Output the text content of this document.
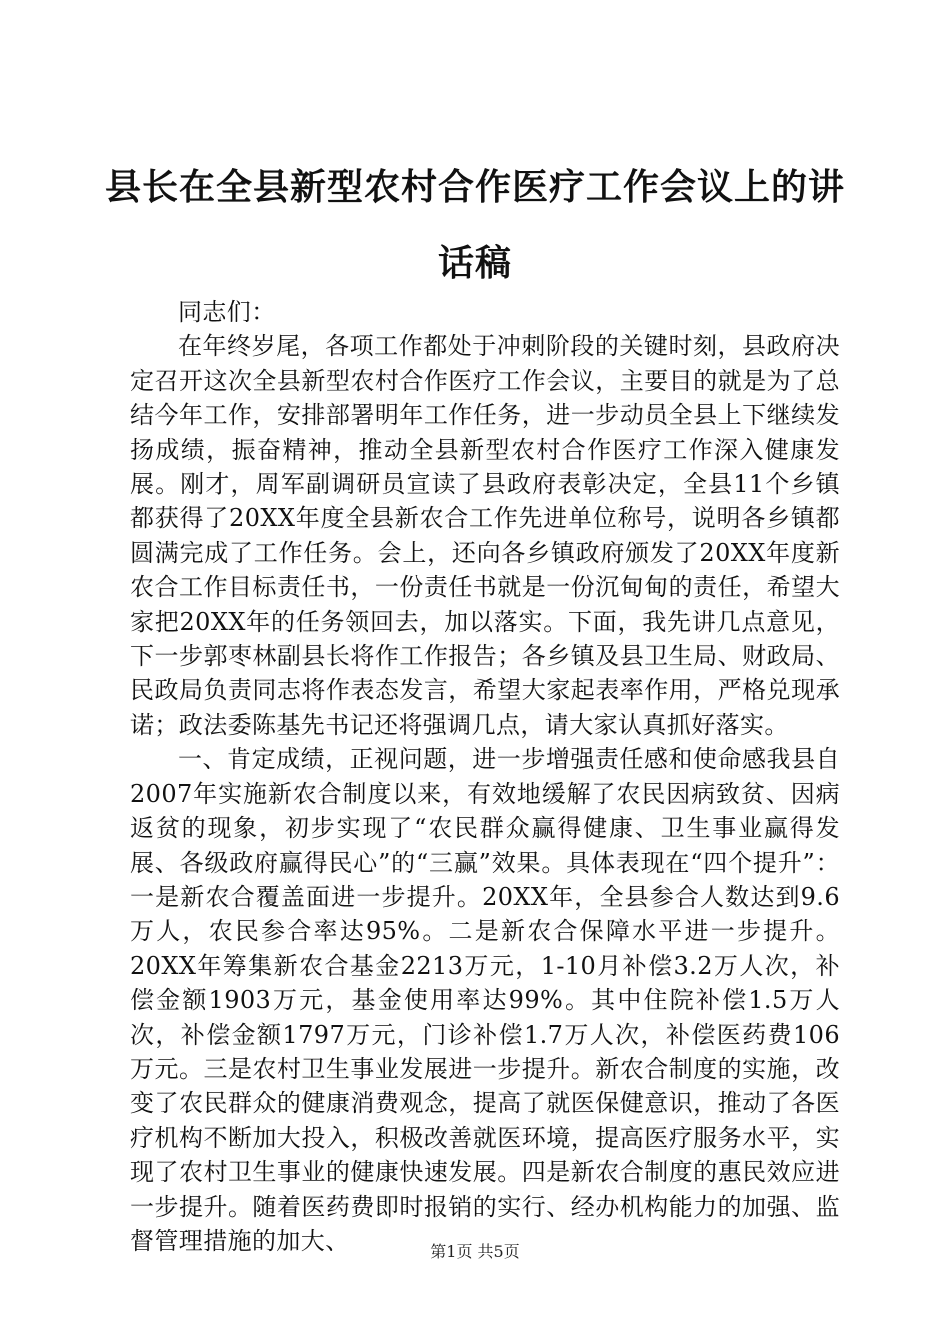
县长在全县新型农村合作医疗工作会议上的讲话稿

同志们：

在年终岁尾，各项工作都处于冲刺阶段的关键时刻，县政府决定召开这次全县新型农村合作医疗工作会议，主要目的就是为了总结今年工作，安排部署明年工作任务，进一步动员全县上下继续发扬成绩，振奋精神，推动全县新型农村合作医疗工作深入健康发展。刚才，周军副调研员宣读了县政府表彰决定，全县11个乡镇都获得了20XX年度全县新农合工作先进单位称号，说明各乡镇都圆满完成了工作任务。会上，还向各乡镇政府颁发了20XX年度新农合工作目标责任书，一份责任书就是一份沉甸甸的责任，希望大家把20XX年的任务领回去，加以落实。下面，我先讲几点意见，下一步郭枣林副县长将作工作报告；各乡镇及县卫生局、财政局、民政局负责同志将作表态发言，希望大家起表率作用，严格兑现承诺；政法委陈基先书记还将强调几点，请大家认真抓好落实。

一、肯定成绩，正视问题，进一步增强责任感和使命感我县自2007年实施新农合制度以来，有效地缓解了农民因病致贫、因病返贫的现象，初步实现了“农民群众赢得健康、卫生事业赢得发展、各级政府赢得民心”的“三赢”效果。具体表现在“四个提升”：一是新农合覆盖面进一步提升。20XX年，全县参合人数达到9.6万人，农民参合率达95%。二是新农合保障水平进一步提升。20XX年筹集新农合基金2213万元，1-10月补偿3.2万人次，补偿金额1903万元，基金使用率达99%。其中住院补偿1.5万人次，补偿金额1797万元，门诊补偿1.7万人次，补偿医药费106万元。三是农村卫生事业发展进一步提升。新农合制度的实施，改变了农民群众的健康消费观念，提高了就医保健意识，推动了各医疗机构不断加大投入，积极改善就医环境，提高医疗服务水平，实现了农村卫生事业的健康快速发展。四是新农合制度的惠民效应进一步提升。随着医药费即时报销的实行、经办机构能力的加强、监督管理措施的加大、	第1页 共5页
